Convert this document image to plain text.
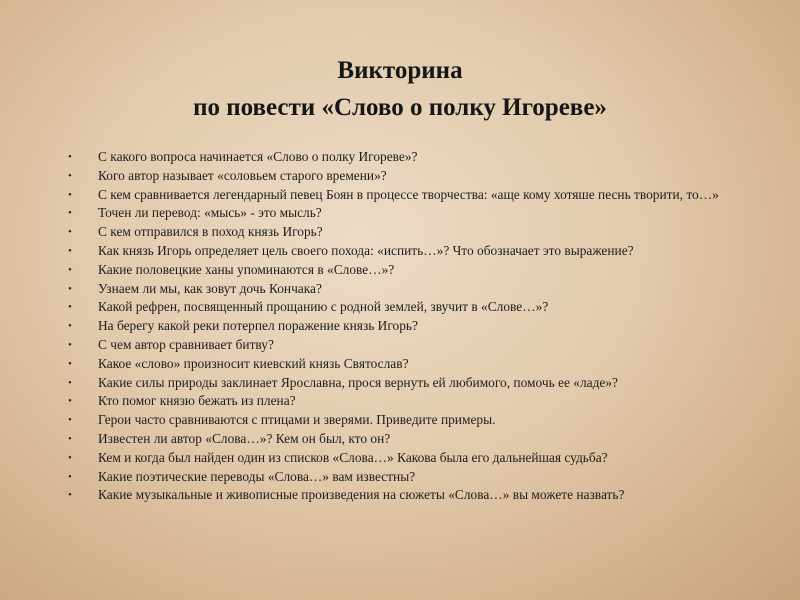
Викторина
по повести «Слово о полку Игореве»
•	С какого вопроса начинается «Слово о полку Игореве»?
•	Кого автор называет «соловьем старого времени»?
•	С кем сравнивается легендарный певец Боян в процессе творчества: «аще кому хотяше песнь творити, то…»
•	Точен ли перевод: «мысь» - это мысль?
•	С кем отправился в поход князь Игорь?
•	Как князь Игорь определяет цель своего похода: «испить…»? Что обозначает это выражение?
•	Какие половецкие ханы упоминаются в «Слове…»?
•	Узнаем ли мы, как зовут дочь Кончака?
•	Какой рефрен, посвященный прощанию с родной землей, звучит в «Слове…»?
•	На берегу какой реки потерпел поражение князь Игорь?
•	С чем автор сравнивает битву?
•	Какое «слово» произносит киевский князь Святослав?
•	Какие силы природы заклинает Ярославна, прося вернуть ей любимого, помочь ее «ладе»?
•	Кто помог князю бежать из плена?
•	Герои часто сравниваются с птицами и зверями. Приведите примеры.
•	Известен ли автор «Слова…»? Кем он был, кто он?
•	Кем и когда был найден один из списков «Слова…» Какова была его дальнейшая судьба?
•	Какие поэтические переводы «Слова…» вам известны?
•	Какие музыкальные и живописные произведения на сюжеты «Слова…» вы можете назвать?
